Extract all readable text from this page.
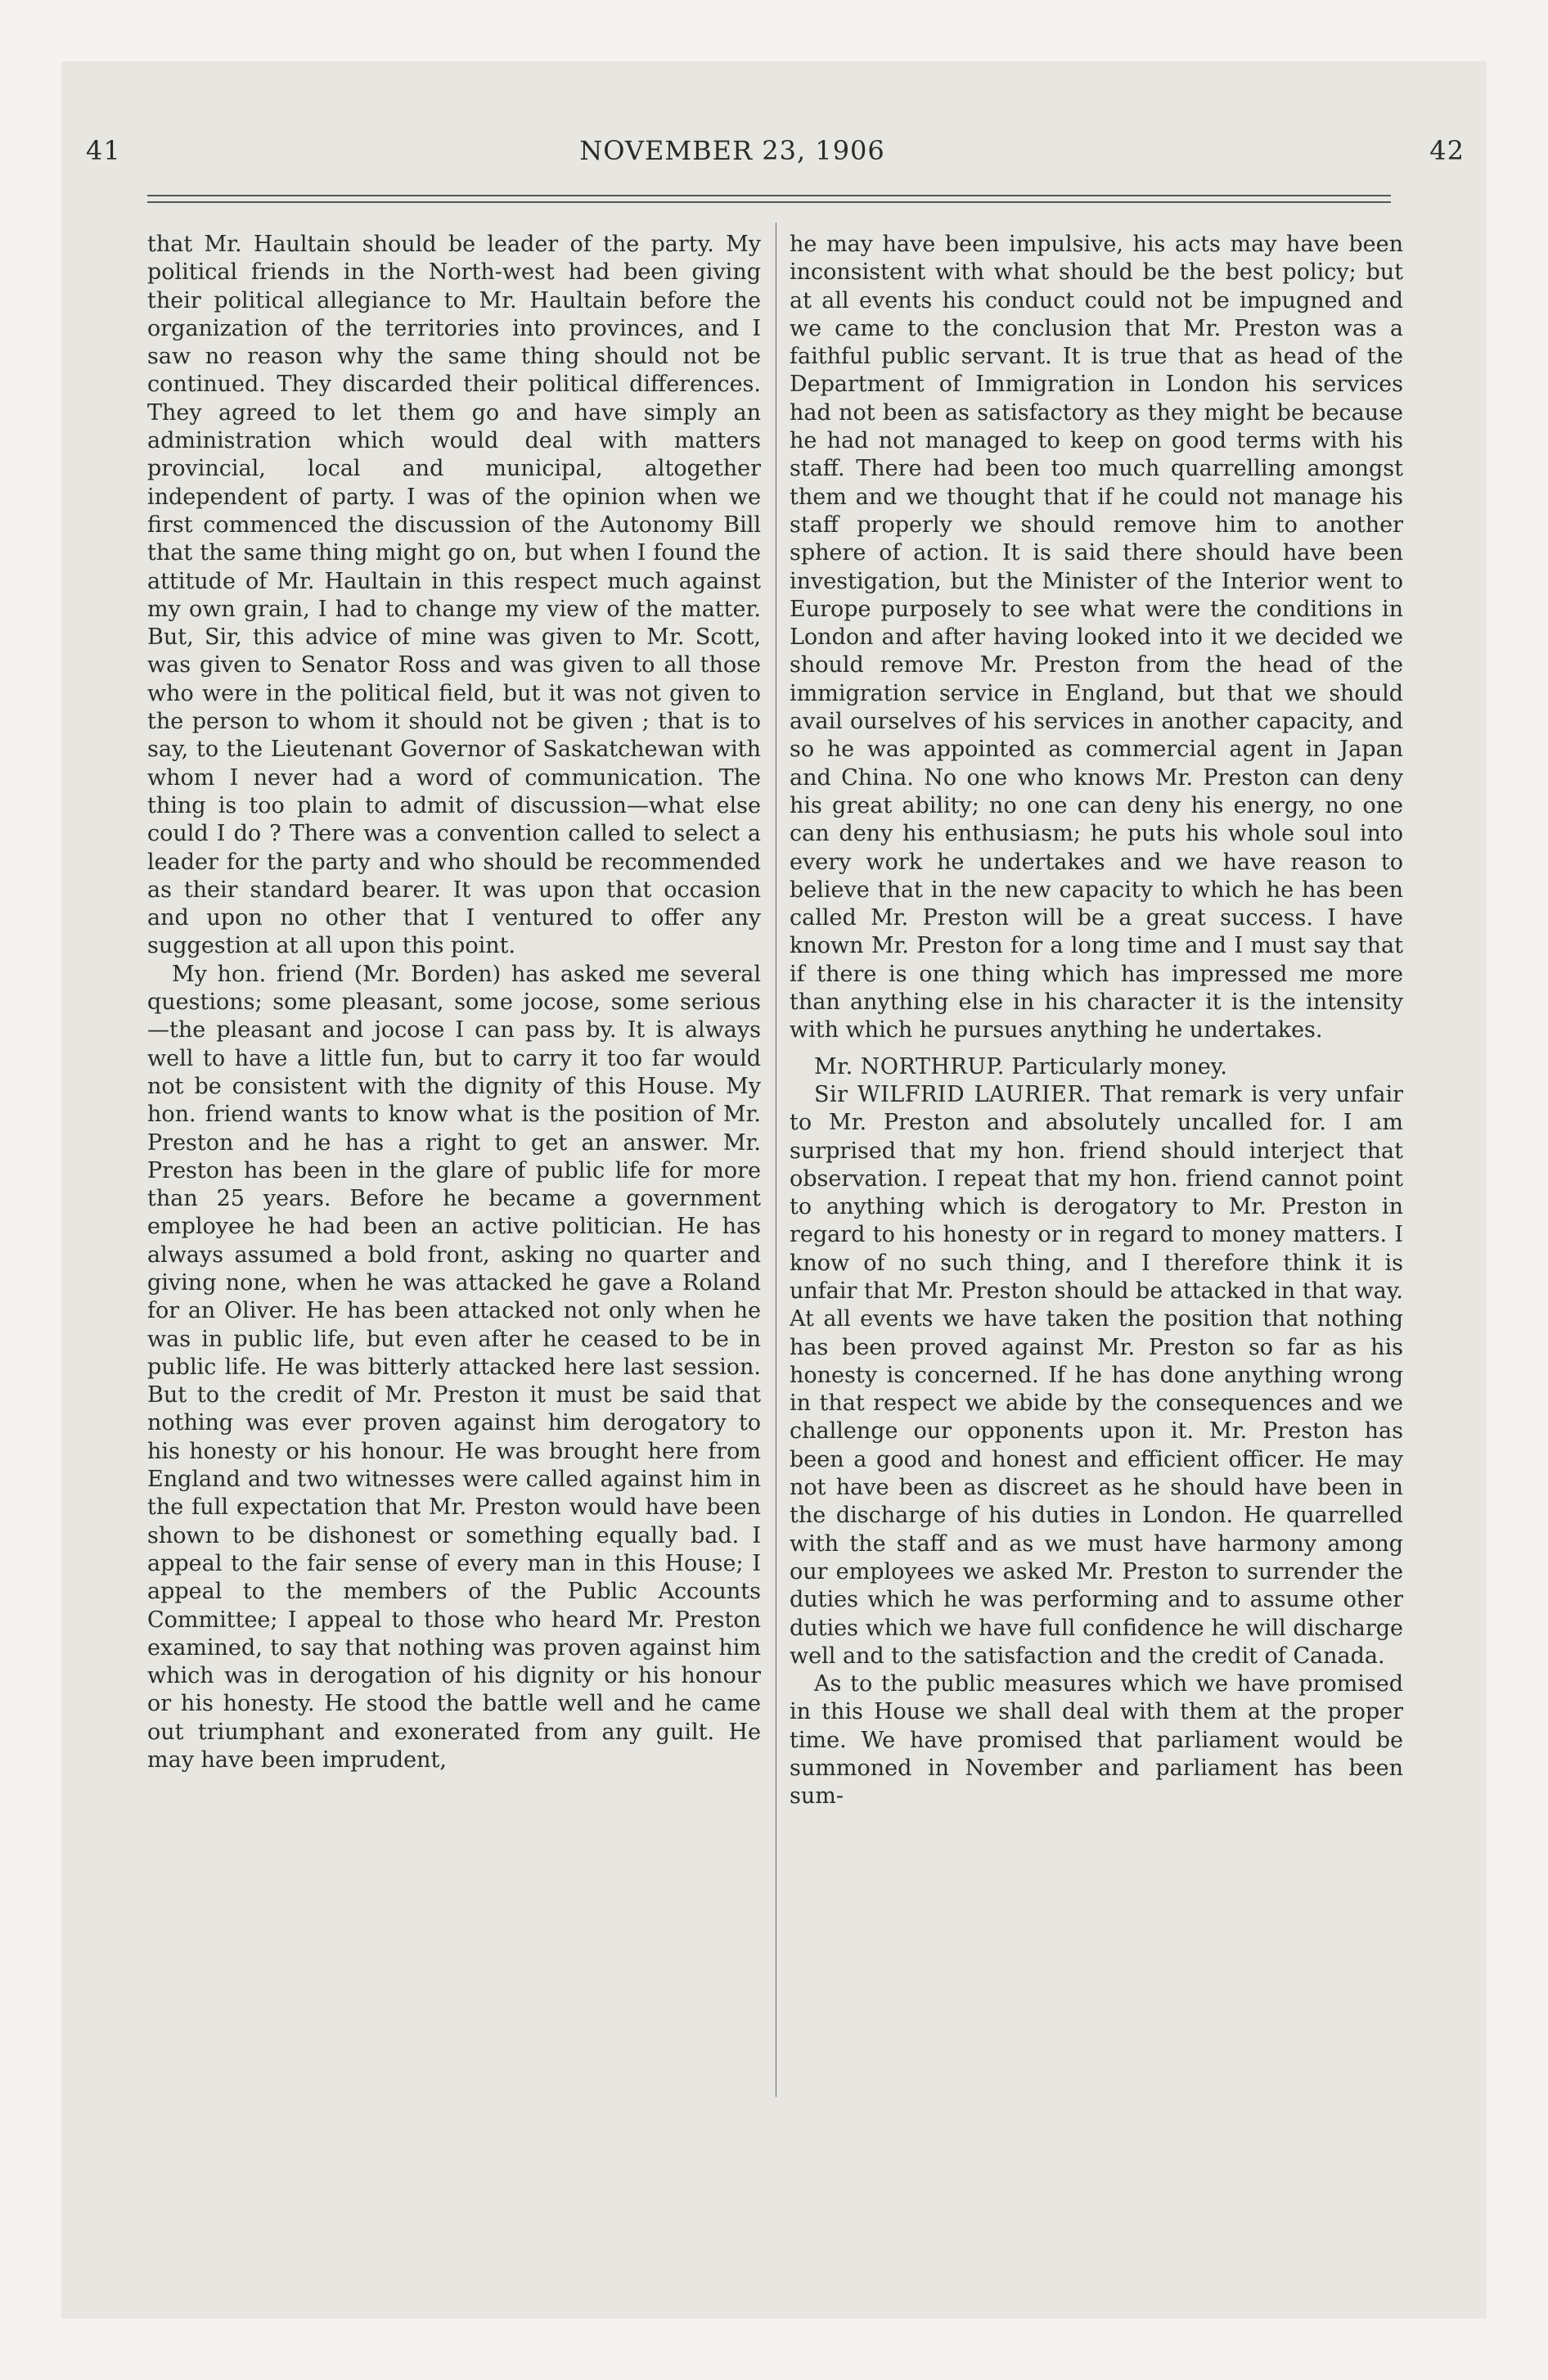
41	NOVEMBER 23, 1906	42

that Mr. Haultain should be leader of the party. My political friends in the North-west had been giving their political allegiance to Mr. Haultain before the organization of the territories into provinces, and I saw no reason why the same thing should not be continued. They discarded their political differences. They agreed to let them go and have simply an administration which would deal with matters provincial, local and municipal, altogether independent of party. I was of the opinion when we first commenced the discussion of the Autonomy Bill that the same thing might go on, but when I found the attitude of Mr. Haultain in this respect much against my own grain, I had to change my view of the matter. But, Sir, this advice of mine was given to Mr. Scott, was given to Senator Ross and was given to all those who were in the political field, but it was not given to the person to whom it should not be given ; that is to say, to the Lieutenant Governor of Saskatchewan with whom I never had a word of communication. The thing is too plain to admit of discussion—what else could I do ? There was a convention called to select a leader for the party and who should be recommended as their standard bearer. It was upon that occasion and upon no other that I ventured to offer any suggestion at all upon this point.

My hon. friend (Mr. Borden) has asked me several questions; some pleasant, some jocose, some serious—the pleasant and jocose I can pass by. It is always well to have a little fun, but to carry it too far would not be consistent with the dignity of this House. My hon. friend wants to know what is the position of Mr. Preston and he has a right to get an answer. Mr. Preston has been in the glare of public life for more than 25 years. Before he became a government employee he had been an active politician. He has always assumed a bold front, asking no quarter and giving none, when he was attacked he gave a Roland for an Oliver. He has been attacked not only when he was in public life, but even after he ceased to be in public life. He was bitterly attacked here last session. But to the credit of Mr. Preston it must be said that nothing was ever proven against him derogatory to his honesty or his honour. He was brought here from England and two witnesses were called against him in the full expectation that Mr. Preston would have been shown to be dishonest or something equally bad. I appeal to the fair sense of every man in this House; I appeal to the members of the Public Accounts Committee; I appeal to those who heard Mr. Preston examined, to say that nothing was proven against him which was in derogation of his dignity or his honour or his honesty. He stood the battle well and he came out triumphant and exonerated from any guilt. He may have been imprudent,

he may have been impulsive, his acts may have been inconsistent with what should be the best policy; but at all events his conduct could not be impugned and we came to the conclusion that Mr. Preston was a faithful public servant. It is true that as head of the Department of Immigration in London his services had not been as satisfactory as they might be because he had not managed to keep on good terms with his staff. There had been too much quarrelling amongst them and we thought that if he could not manage his staff properly we should remove him to another sphere of action. It is said there should have been investigation, but the Minister of the Interior went to Europe purposely to see what were the conditions in London and after having looked into it we decided we should remove Mr. Preston from the head of the immigration service in England, but that we should avail ourselves of his services in another capacity, and so he was appointed as commercial agent in Japan and China. No one who knows Mr. Preston can deny his great ability; no one can deny his energy, no one can deny his enthusiasm; he puts his whole soul into every work he undertakes and we have reason to believe that in the new capacity to which he has been called Mr. Preston will be a great success. I have known Mr. Preston for a long time and I must say that if there is one thing which has impressed me more than anything else in his character it is the intensity with which he pursues anything he undertakes.

Mr. NORTHRUP. Particularly money.

Sir WILFRID LAURIER. That remark is very unfair to Mr. Preston and absolutely uncalled for. I am surprised that my hon. friend should interject that observation. I repeat that my hon. friend cannot point to anything which is derogatory to Mr. Preston in regard to his honesty or in regard to money matters. I know of no such thing, and I therefore think it is unfair that Mr. Preston should be attacked in that way. At all events we have taken the position that nothing has been proved against Mr. Preston so far as his honesty is concerned. If he has done anything wrong in that respect we abide by the consequences and we challenge our opponents upon it. Mr. Preston has been a good and honest and efficient officer. He may not have been as discreet as he should have been in the discharge of his duties in London. He quarrelled with the staff and as we must have harmony among our employees we asked Mr. Preston to surrender the duties which he was performing and to assume other duties which we have full confidence he will discharge well and to the satisfaction and the credit of Canada.

As to the public measures which we have promised in this House we shall deal with them at the proper time. We have promised that parliament would be summoned in November and parliament has been sum-
